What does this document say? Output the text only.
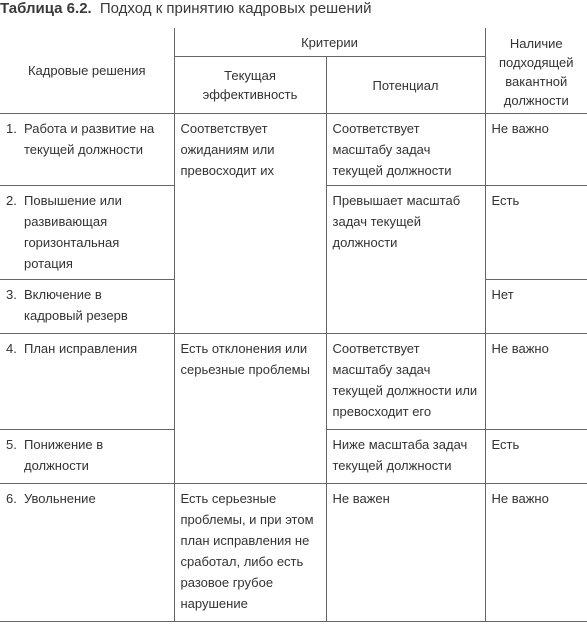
Таблица 6.2. Подход к принятию кадровых решений
Кадровые решения	Критерии		Наличие подходящей вакантной должности
	Текущая эффективность	Потенциал	
1. Работа и развитие на текущей должности	Соответствует ожиданиям или превосходит их	Соответствует масштабу задач текущей должности	Не важно
2. Повышение или развивающая горизонтальная ротация		Превышает масштаб задач текущей должности	Есть
3. Включение в кадровый резерв			Нет
4. План исправления	Есть отклонения или серьезные проблемы	Соответствует масштабу задач текущей должности или превосходит его	Не важно
5. Понижение в должности		Ниже масштаба задач текущей должности	Есть
6. Увольнение	Есть серьезные проблемы, и при этом план исправления не сработал, либо есть разовое грубое нарушение	Не важен	Не важно
